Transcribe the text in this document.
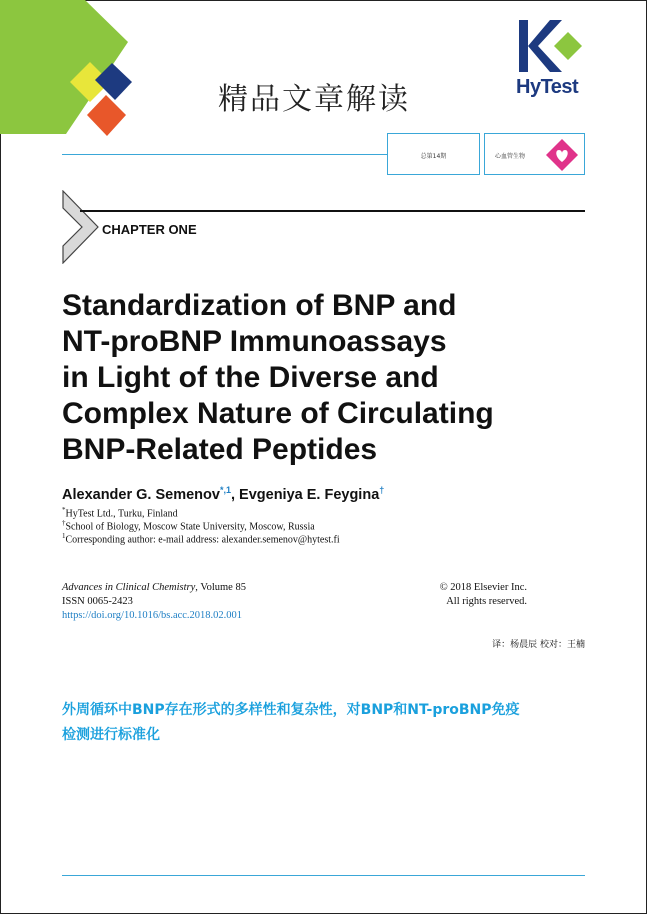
精品文章解读	HyTest
总第14期	心血管生物
CHAPTER ONE
Standardization of BNP and
NT-proBNP Immunoassays
in Light of the Diverse and
Complex Nature of Circulating
BNP-Related Peptides
Alexander G. Semenov$^{*,1}$, Evgeniya E. Feygina†
*HyTest Ltd., Turku, Finland
†School of Biology, Moscow State University, Moscow, Russia
$^1$Corresponding author: e-mail address: alexander.semenov@hytest.fi
Advances in Clinical Chemistry, Volume 85
ISSN 0065-2423
https://doi.org/10.1016/bs.acc.2018.02.001
© 2018 Elsevier Inc.
All rights reserved.
译：杨晨辰 校对：王楠
外周循环中BNP存在形式的多样性和复杂性，对BNP和NT-proBNP免疫
检测进行标准化
